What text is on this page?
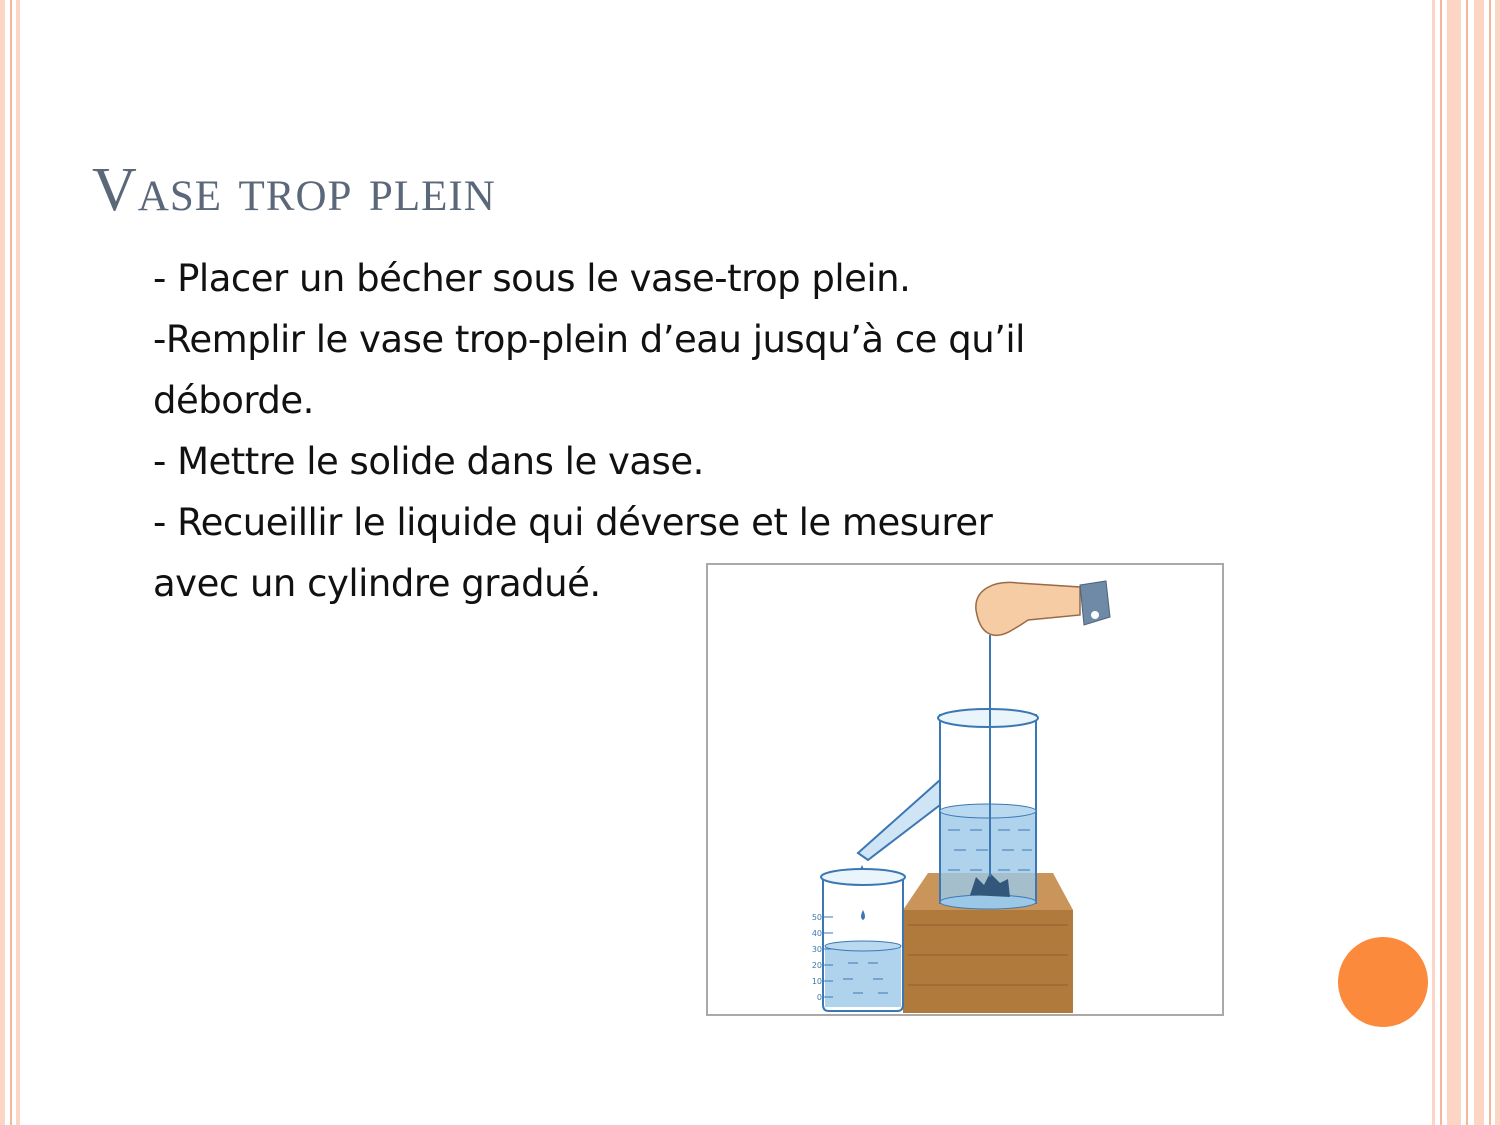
Vase trop plein
- Placer un bécher sous le vase-trop plein.
-Remplir le vase trop-plein d’eau jusqu’à ce qu’il
déborde.
- Mettre le solide dans le vase.
- Recueillir le liquide qui déverse et le mesurer
avec un cylindre gradué.
50
40
30
20
10
0
